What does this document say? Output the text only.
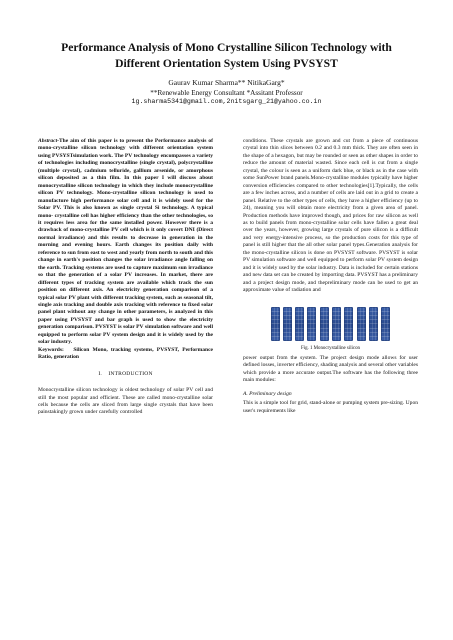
Performance Analysis of Mono Crystalline Silicon Technology with Different Orientation System Using PVSYST
Gaurav Kumar Sharma** NitikaGarg*
**Renewable Energy Consultant *Assitant Professor
1g.sharma5341@gmail.com,2nitsgarg_21@yahoo.co.in

Abstract-The aim of this paper is to present the Performance analysis of mono-crystalline silicon technology with different orientation system using PVSYSTsimulation work. The PV technology encompasses a variety of technologies including monocrystalline (single crystal), polycrystalline (multiple crystal), cadmium telluride, gallium arsenide, or amorphous silicon deposited as a thin film. In this paper I will discuss about monocrystalline silicon technology in which they include monocrystalline silicon PV technology. Mono-crystalline silicon technology is used to manufacture high performance solar cell and it is widely used for the Solar PV. This is also known as single crystal Si technology. A typical mono- crystalline cell has higher efficiency than the other technologies, so it requires less area for the same installed power. However there is a drawback of mono-crystalline PV cell which is it only covert DNI (Direct normal irradiance) and this results to decrease in generation in the morning and evening hours. Earth changes its position daily with reference to sun from east to west and yearly from north to south and this change in earth's position changes the solar irradiance angle falling on the earth. Tracking systems are used to capture maximum sun irradiance so that the generation of a solar PV increases. In market, there are different types of tracking system are available which track the sun position on different axis. An electricity generation comparison of a typical solar PV plant with different tracking system, such as seasonal tilt, single axis tracking and double axis tracking with reference to fixed solar panel plant without any change in other parameters, is analyzed in this paper using PVSYST and bar graph is used to show the electricity generation comparison. PVSYST is solar PV simulation software and well equipped to perform solar PV system design and it is widely used by the solar industry.

Keywords: Silicon Mono, tracking systems, PVSYST, Performance Ratio, generation

I. INTRODUCTION

Monocrystalline silicon technology is oldest technology of solar PV cell and still the most popular and efficient. These are called mono-crystalline solar cells because the cells are sliced from large single crystals that have been painstakingly grown under carefully controlled

conditions. These crystals are grown and cut from a piece of continuous crystal into thin slices between 0.2 and 0.3 mm thick. They are often seen in the shape of a hexagon, but may be rounded or seen as other shapes in order to reduce the amount of material wasted. Since each cell is cut from a single crystal, the colour is seen as a uniform dark blue, or black as in the case with some SunPower brand panels.Mono-crystalline modules typically have higher conversion efficiencies compared to other technologies[1].Typically, the cells are a few inches across, and a number of cells are laid out in a grid to create a panel. Relative to the other types of cells, they have a higher efficiency (up to 24), meaning you will obtain more electricity from a given area of panel. Production methods have improved though, and prices for raw silicon as well as to build panels from mono-crystalline solar cells have fallen a great deal over the years, however, growing large crystals of pure silicon is a difficult and very energy-intensive process, so the production costs for this type of panel is still higher that the all other solar panel types.Generation analysis for the mono-crystalline silicon is done on PVSYST software. PVSYST is solar PV simulation software and well equipped to perform solar PV system design and it is widely used by the solar industry. Data is included for certain stations and new data set can be created by importing data. PVSYST has a preliminary and a project design mode, and thepreliminary mode can be used to get an approximate value of radiation and

Fig. 1 Monocrystalline silicon

power output from the system. The project design mode allows for user defined losses, inverter efficiency, shading analysis and several other variables which provide a more accurate output.The software has the following three main modules:

A. Preliminary design

This is a simple tool for grid, stand-alone or pumping system pre-sizing. Upon user's requirements like
